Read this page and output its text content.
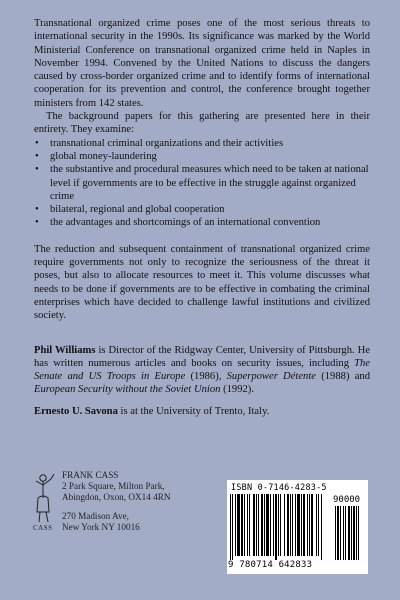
Transnational organized crime poses one of the most serious threats to international security in the 1990s. Its significance was marked by the World Ministerial Conference on transnational organized crime held in Naples in November 1994. Convened by the United Nations to discuss the dangers caused by cross-border organized crime and to identify forms of international cooperation for its prevention and control, the conference brought together ministers from 142 states.

The background papers for this gathering are presented here in their entirety. They examine:

• transnational criminal organizations and their activities
• global money-laundering
• the substantive and procedural measures which need to be taken at national level if governments are to be effective in the struggle against organized crime
• bilateral, regional and global cooperation
• the advantages and shortcomings of an international convention

The reduction and subsequent containment of transnational organized crime require governments not only to recognize the seriousness of the threat it poses, but also to allocate resources to meet it. This volume discusses what needs to be done if governments are to be effective in combating the criminal enterprises which have decided to challenge lawful institutions and civilized society.

Phil Williams is Director of the Ridgway Center, University of Pittsburgh. He has written numerous articles and books on security issues, including The Senate and US Troops in Europe (1986), Superpower Détente (1988) and European Security without the Soviet Union (1992).

Ernesto U. Savona is at the University of Trento, Italy.

CASS
FRANK CASS
2 Park Square, Milton Park,
Abingdon, Oxon, OX14 4RN
270 Madison Ave,
New York NY 10016
ISBN 0-7146-4283-5
90000
9 780714 642833
